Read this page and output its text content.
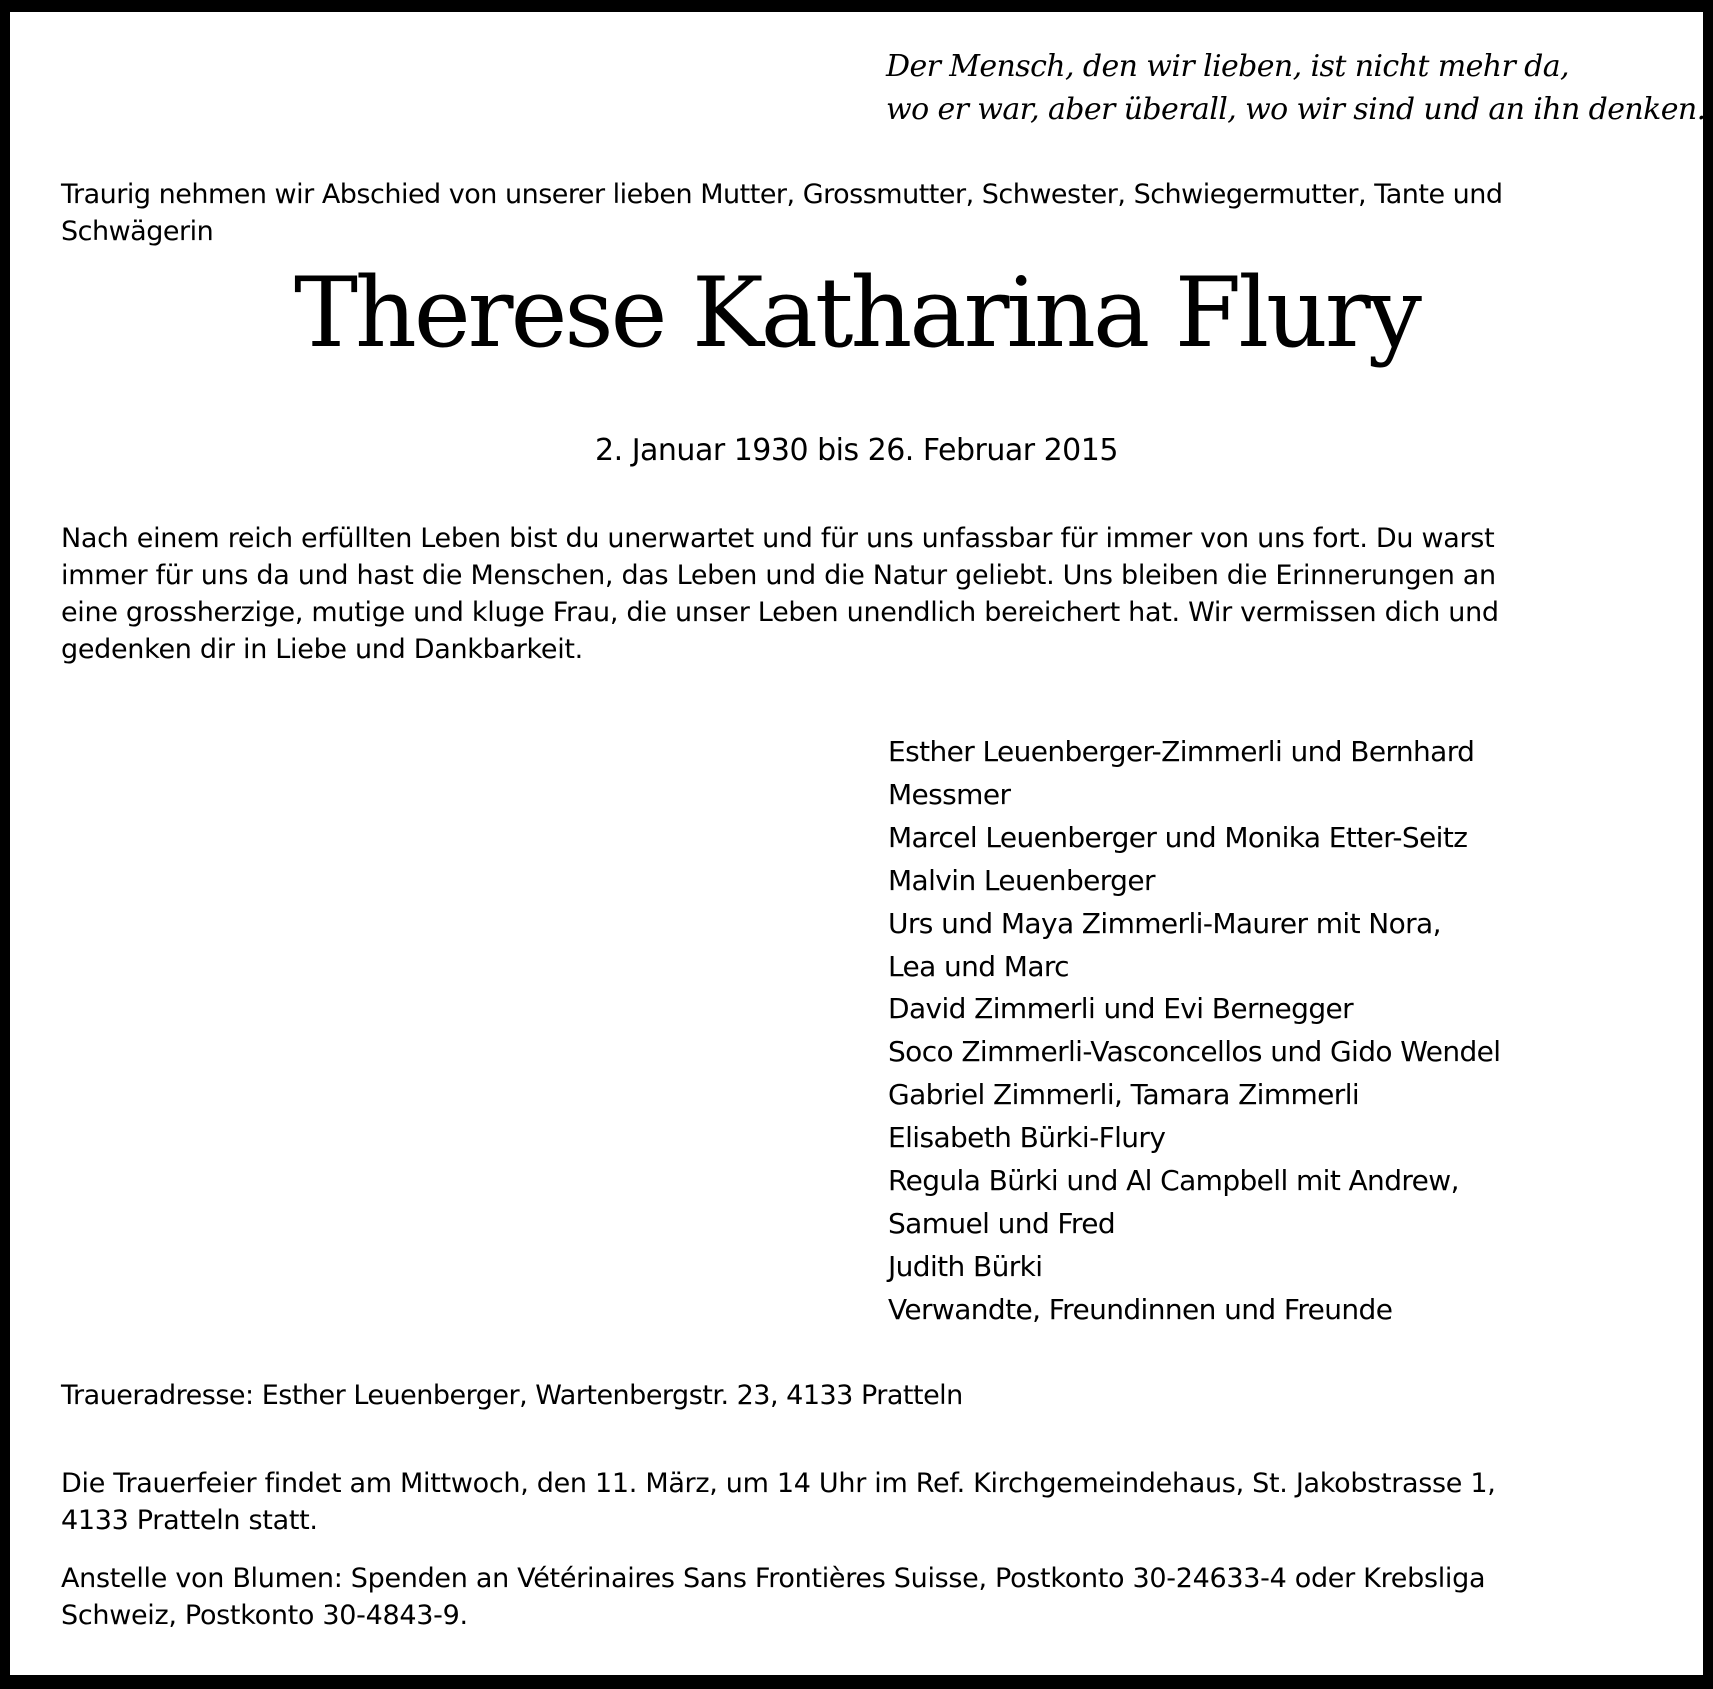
Der Mensch, den wir lieben, ist nicht mehr da,
wo er war, aber überall, wo wir sind und an ihn denken.
Traurig nehmen wir Abschied von unserer lieben Mutter, Grossmutter, Schwester, Schwiegermutter, Tante und
Schwägerin
Therese Katharina Flury
2. Januar 1930 bis 26. Februar 2015
Nach einem reich erfüllten Leben bist du unerwartet und für uns unfassbar für immer von uns fort. Du warst
immer für uns da und hast die Menschen, das Leben und die Natur geliebt. Uns bleiben die Erinnerungen an
eine grossherzige, mutige und kluge Frau, die unser Leben unendlich bereichert hat. Wir vermissen dich und
gedenken dir in Liebe und Dankbarkeit.
Esther Leuenberger-Zimmerli und Bernhard
Messmer
Marcel Leuenberger und Monika Etter-Seitz
Malvin Leuenberger
Urs und Maya Zimmerli-Maurer mit Nora,
Lea und Marc
David Zimmerli und Evi Bernegger
Soco Zimmerli-Vasconcellos und Gido Wendel
Gabriel Zimmerli, Tamara Zimmerli
Elisabeth Bürki-Flury
Regula Bürki und Al Campbell mit Andrew,
Samuel und Fred
Judith Bürki
Verwandte, Freundinnen und Freunde
Traueradresse: Esther Leuenberger, Wartenbergstr. 23, 4133 Pratteln
Die Trauerfeier findet am Mittwoch, den 11. März, um 14 Uhr im Ref. Kirchgemeindehaus, St. Jakobstrasse 1,
4133 Pratteln statt.
Anstelle von Blumen: Spenden an Vétérinaires Sans Frontières Suisse, Postkonto 30-24633-4 oder Krebsliga
Schweiz, Postkonto 30-4843-9.
